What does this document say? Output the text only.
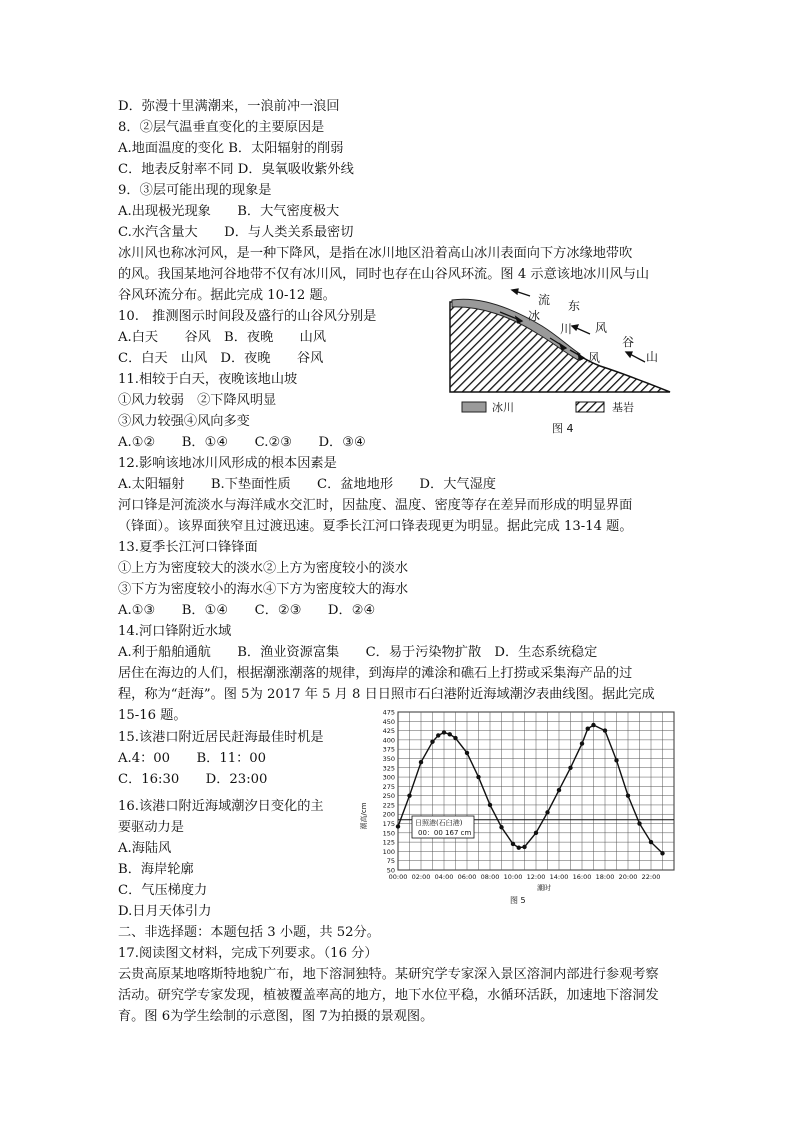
D．弥漫十里满潮来，一浪前冲一浪回
8．②层气温垂直变化的主要原因是
A.地面温度的变化 B．太阳辐射的削弱
C．地表反射率不同 D．臭氧吸收紫外线
9．③层可能出现的现象是
A.出现极光现象　　B．大气密度极大
C.水汽含量大　　D．与人类关系最密切
冰川风也称冰河风，是一种下降风，是指在冰川地区沿着高山冰川表面向下方冰缘地带吹
的风。我国某地河谷地带不仅有冰川风，同时也存在山谷风环流。图 4 示意该地冰川风与山
谷风环流分布。据此完成 10-12 题。
10.　推测图示时间段及盛行的山谷风分别是
A.白天　　谷风　B．夜晚　　山风
C．白天　山风　D．夜晚　　谷风
11.相较于白天，夜晚该地山坡
①风力较弱　②下降风明显
③风力较强④风向多变
A.①②　　B．①④　　C.②③　　D．③④
12.影响该地冰川风形成的根本因素是
A.太阳辐射　　B.下垫面性质　　C．盆地地形　　D．大气湿度
河口锋是河流淡水与海洋咸水交汇时，因盐度、温度、密度等存在差异而形成的明显界面
（锋面）。该界面狭窄且过渡迅速。夏季长江河口锋表现更为明显。据此完成 13-14 题。
13.夏季长江河口锋锋面
①上方为密度较大的淡水②上方为密度较小的淡水
③下方为密度较小的海水④下方为密度较大的海水
A.①③　　B．①④　　C．②③　　D．②④
14.河口锋附近水域
A.利于船舶通航　　B．渔业资源富集　　C．易于污染物扩散　D．生态系统稳定
居住在海边的人们，根据潮涨潮落的规律，到海岸的滩涂和礁石上打捞或采集海产品的过
程，称为“赶海”。图 5为 2017 年 5 月 8 日日照市石臼港附近海域潮汐表曲线图。据此完成
15-16 题。
15.该港口附近居民赶海最佳时机是
A.4：00　　B．11：00
C．16:30　　D．23:00
16.该港口附近海域潮汐日变化的主
要驱动力是
A.海陆风
B．海岸轮廓
C．气压梯度力
D.日月天体引力
二、非选择题：本题包括 3 小题，共 52分。
17.阅读图文材料，完成下列要求。（16 分）
云贵高原某地喀斯特地貌广布，地下溶洞独特。某研究学专家深入景区溶洞内部进行参观考察
活动。研究学专家发现，植被覆盖率高的地方，地下水位平稳，水循环活跃，加速地下溶洞发
育。图 6为学生绘制的示意图，图 7为拍摄的景观图。
冰
川
风
流 东
风
谷
山
冰川	基岩
图 4
50
75
100
125
150
175
200
225
250
275
300
325
350
375
400
425
450
475
00:00 02:00 04:00 06:00 08:00 10:00 12:00 14:00 16:00 18:00 20:00 22:00
潮高/cm
潮时
日照港(石臼港)
00：00 167 cm
图 5
